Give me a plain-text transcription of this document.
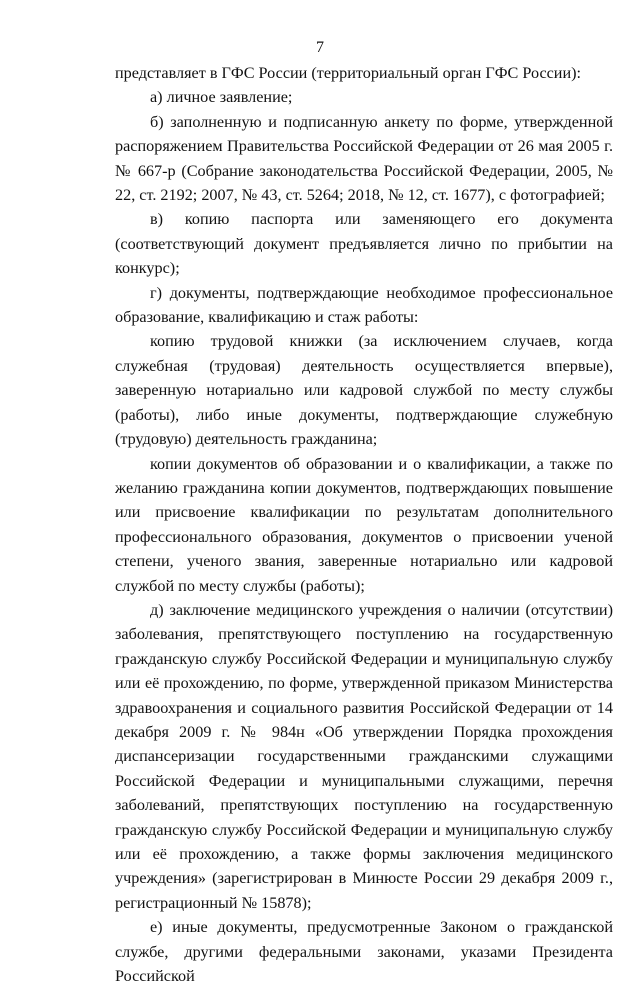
7

представляет в ГФС России (территориальный орган ГФС России):

а) личное заявление;

б) заполненную и подписанную анкету по форме, утвержденной распоряжением Правительства Российской Федерации от 26 мая 2005 г. № 667-р (Собрание законодательства Российской Федерации, 2005, № 22, ст. 2192; 2007, № 43, ст. 5264; 2018, № 12, ст. 1677), с фотографией;

в) копию паспорта или заменяющего его документа (соответствующий документ предъявляется лично по прибытии на конкурс);

г) документы, подтверждающие необходимое профессиональное образование, квалификацию и стаж работы:

копию трудовой книжки (за исключением случаев, когда служебная (трудовая) деятельность осуществляется впервые), заверенную нотариально или кадровой службой по месту службы (работы), либо иные документы, подтверждающие служебную (трудовую) деятельность гражданина;

копии документов об образовании и о квалификации, а также по желанию гражданина копии документов, подтверждающих повышение или присвоение квалификации по результатам дополнительного профессионального образования, документов о присвоении ученой степени, ученого звания, заверенные нотариально или кадровой службой по месту службы (работы);

д) заключение медицинского учреждения о наличии (отсутствии) заболевания, препятствующего поступлению на государственную гражданскую службу Российской Федерации и муниципальную службу или её прохождению, по форме, утвержденной приказом Министерства здравоохранения и социального развития Российской Федерации от 14 декабря 2009 г. № 984н «Об утверждении Порядка прохождения диспансеризации государственными гражданскими служащими Российской Федерации и муниципальными служащими, перечня заболеваний, препятствующих поступлению на государственную гражданскую службу Российской Федерации и муниципальную службу или её прохождению, а также формы заключения медицинского учреждения» (зарегистрирован в Минюсте России 29 декабря 2009 г., регистрационный № 15878);

е) иные документы, предусмотренные Законом о гражданской службе, другими федеральными законами, указами Президента Российской
